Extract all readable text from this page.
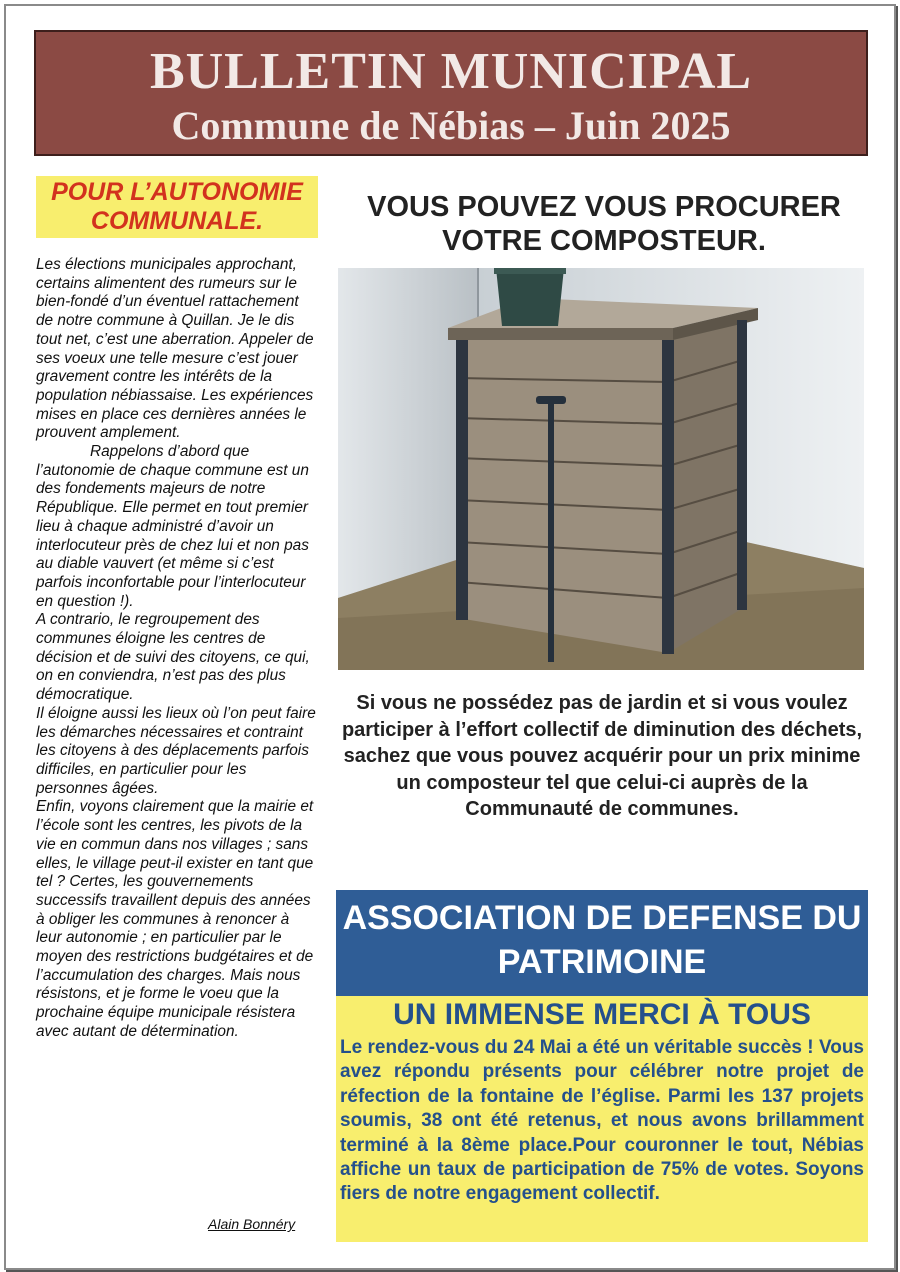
BULLETIN MUNICIPAL
Commune de Nébias – Juin 2025
POUR L’AUTONOMIE COMMUNALE.

Les élections municipales approchant, certains alimentent des rumeurs sur le bien-fondé d’un éventuel rattachement de notre commune à Quillan. Je le dis tout net, c’est une aberration. Appeler de ses voeux une telle mesure c’est jouer gravement contre les intérêts de la population nébiassaise. Les expériences mises en place ces dernières années le prouvent amplement.

Rappelons d’abord que l’autonomie de chaque commune est un des fondements majeurs de notre République. Elle permet en tout premier lieu à chaque administré d’avoir un interlocuteur près de chez lui et non pas au diable vauvert (et même si c’est parfois inconfortable pour l’interlocuteur en question !).

A contrario, le regroupement des communes éloigne les centres de décision et de suivi des citoyens, ce qui, on en conviendra, n’est pas des plus démocratique.

Il éloigne aussi les lieux où l’on peut faire les démarches nécessaires et contraint les citoyens à des déplacements parfois difficiles, en particulier pour les personnes âgées.

Enfin, voyons clairement que la mairie et l’école sont les centres, les pivots de la vie en commun dans nos villages ; sans elles, le village peut-il exister en tant que tel ? Certes, les gouvernements successifs travaillent depuis des années à obliger les communes à renoncer à leur autonomie ; en particulier par le moyen des restrictions budgétaires et de l’accumulation des charges. Mais nous résistons, et je forme le voeu que la prochaine équipe municipale résistera avec autant de détermination.

Alain Bonnéry
VOUS POUVEZ VOUS PROCURER VOTRE COMPOSTEUR.
Si vous ne possédez pas de jardin et si vous voulez participer à l’effort collectif de diminution des déchets, sachez que vous pouvez acquérir pour un prix minime un composteur tel que celui-ci auprès de la Communauté de communes.
ASSOCIATION DE DEFENSE DU PATRIMOINE
UN IMMENSE MERCI À TOUS
Le rendez-vous du 24 Mai a été un véritable succès ! Vous avez répondu présents pour célébrer notre projet de réfection de la fontaine de l’église. Parmi les 137 projets soumis, 38 ont été retenus, et nous avons brillamment terminé à la 8ème place.Pour couronner le tout, Nébias affiche un taux de participation de 75% de votes. Soyons fiers de notre engagement collectif.
